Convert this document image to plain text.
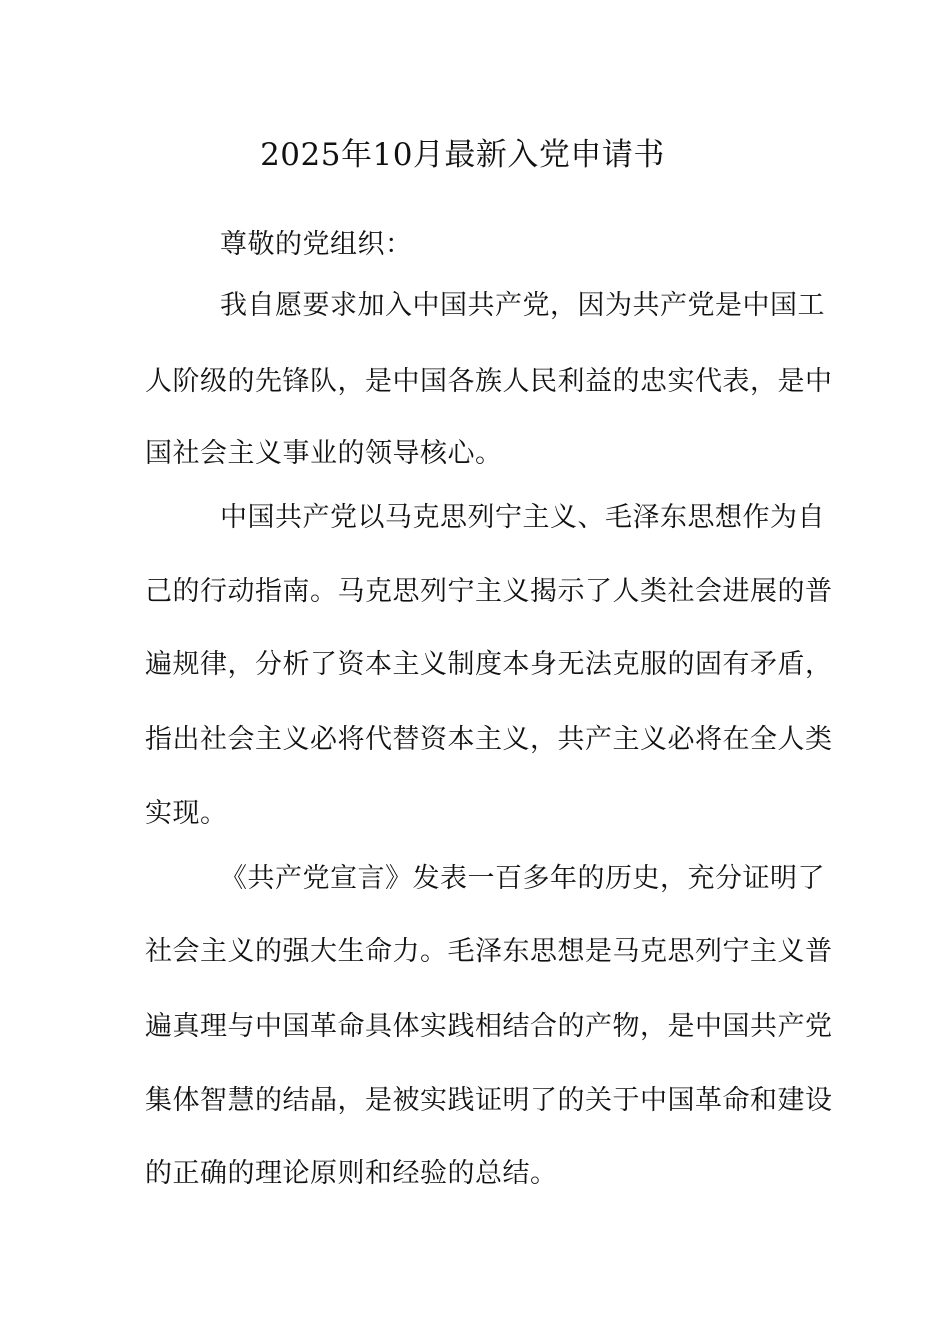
2025年10月最新入党申请书
尊敬的党组织：
我自愿要求加入中国共产党，因为共产党是中国工
人阶级的先锋队，是中国各族人民利益的忠实代表，是中
国社会主义事业的领导核心。
中国共产党以马克思列宁主义、毛泽东思想作为自
己的行动指南。马克思列宁主义揭示了人类社会进展的普
遍规律，分析了资本主义制度本身无法克服的固有矛盾，
指出社会主义必将代替资本主义，共产主义必将在全人类
实现。
《共产党宣言》发表一百多年的历史，充分证明了
社会主义的强大生命力。毛泽东思想是马克思列宁主义普
遍真理与中国革命具体实践相结合的产物，是中国共产党
集体智慧的结晶，是被实践证明了的关于中国革命和建设
的正确的理论原则和经验的总结。
